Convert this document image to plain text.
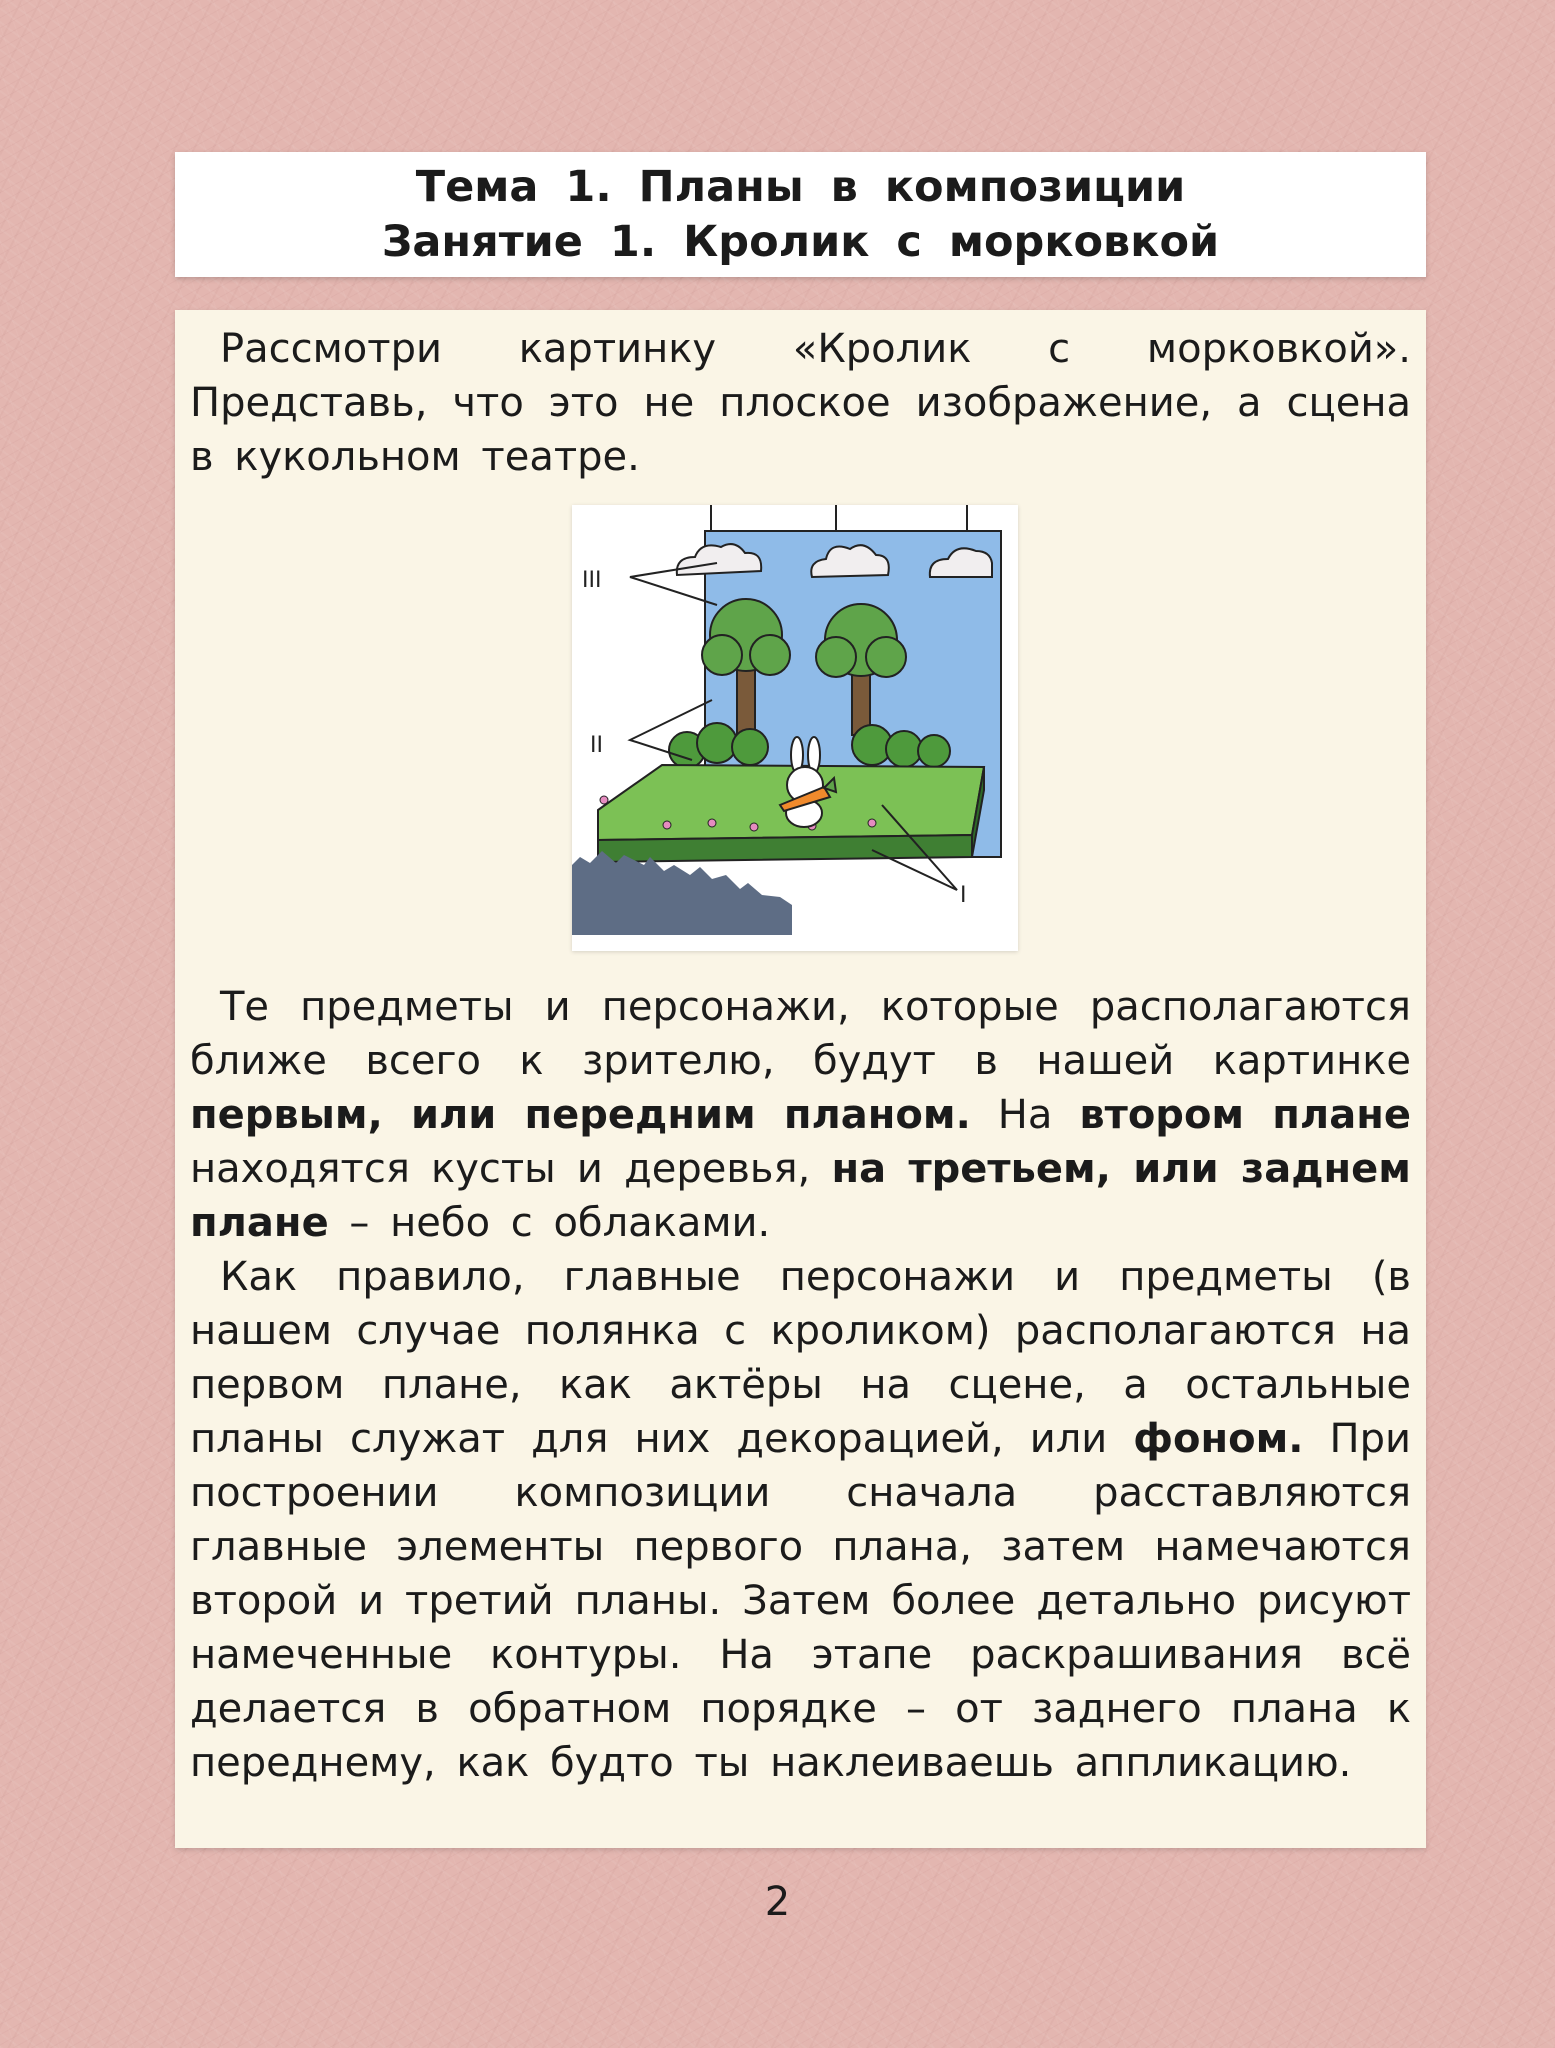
Тема 1. Планы в композиции
Занятие 1. Кролик с морковкой

Рассмотри картинку «Кролик с морковкой». Представь, что это не плоское изображение, а сцена в кукольном театре.

III
II
I

Те предметы и персонажи, которые располагаются ближе всего к зрителю, будут в нашей картинке первым, или передним планом. На втором плане находятся кусты и деревья, на третьем, или заднем плане – небо с облаками.

Как правило, главные персонажи и предметы (в нашем случае полянка с кроликом) располагаются на первом плане, как актёры на сцене, а остальные планы служат для них декорацией, или фоном. При построении композиции сначала расставляются главные элементы первого плана, затем намечаются второй и третий планы. Затем более детально рисуют намеченные контуры. На этапе раскрашивания всё делается в обратном порядке – от заднего плана к переднему, как будто ты наклеиваешь аппликацию.

2
